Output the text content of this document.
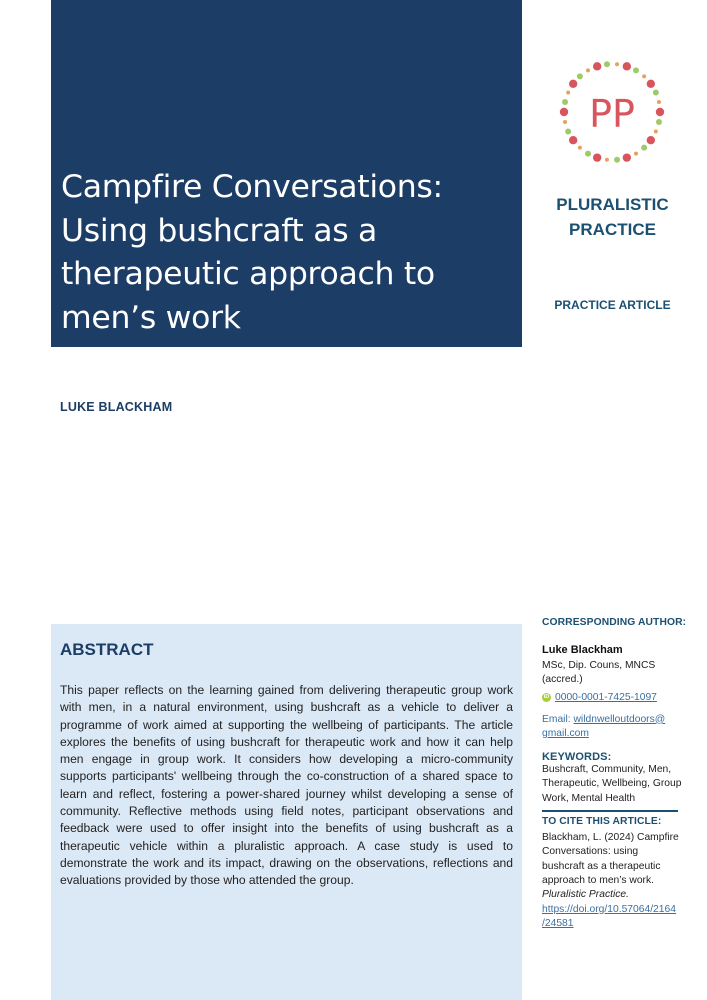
Campfire Conversations:
Using bushcraft as a
therapeutic approach to
men’s work
PP
PLURALISTIC
PRACTICE
PRACTICE ARTICLE
LUKE BLACKHAM
ABSTRACT

This paper reflects on the learning gained from delivering therapeutic group work with men, in a natural environment, using bushcraft as a vehicle to deliver a programme of work aimed at supporting the wellbeing of participants. The article explores the benefits of using bushcraft for therapeutic work and how it can help men engage in group work. It considers how developing a micro-community supports participants' wellbeing through the co-construction of a shared space to learn and reflect, fostering a power-shared journey whilst developing a sense of community. Reflective methods using field notes, participant observations and feedback were used to offer insight into the benefits of using bushcraft as a therapeutic vehicle within a pluralistic approach. A case study is used to demonstrate the work and its impact, drawing on the observations, reflections and evaluations provided by those who attended the group.

CORRESPONDING AUTHOR:
Luke Blackham
MSc, Dip. Couns, MNCS (accred.)
iD 0000-0001-7425-1097
Email: wildnwelloutdoors@
gmail.com
KEYWORDS:
Bushcraft, Community, Men, Therapeutic, Wellbeing, Group Work, Mental Health
TO CITE THIS ARTICLE:
Blackham, L. (2024) Campfire
Conversations: using
bushcraft as a therapeutic
approach to men’s work.
Pluralistic Practice.
https://doi.org/10.57064/2164
/24581
